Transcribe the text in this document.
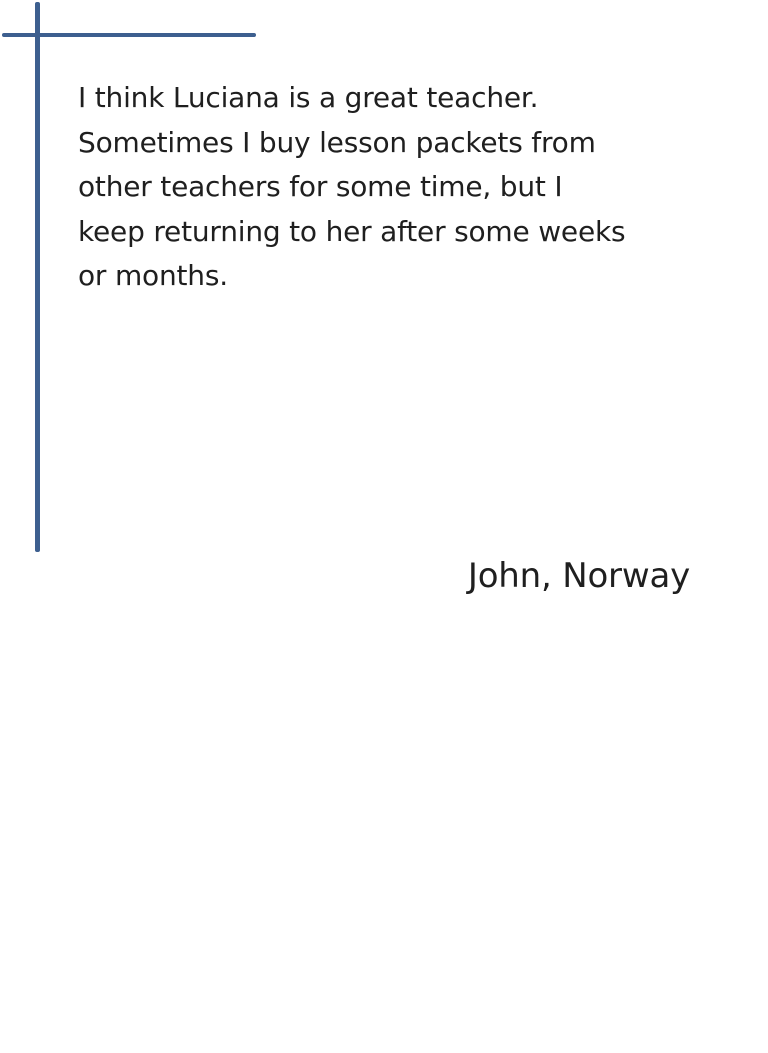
I think Luciana is a great teacher.
Sometimes I buy lesson packets from
other teachers for some time, but I
keep returning to her after some weeks
or months.

John, Norway
